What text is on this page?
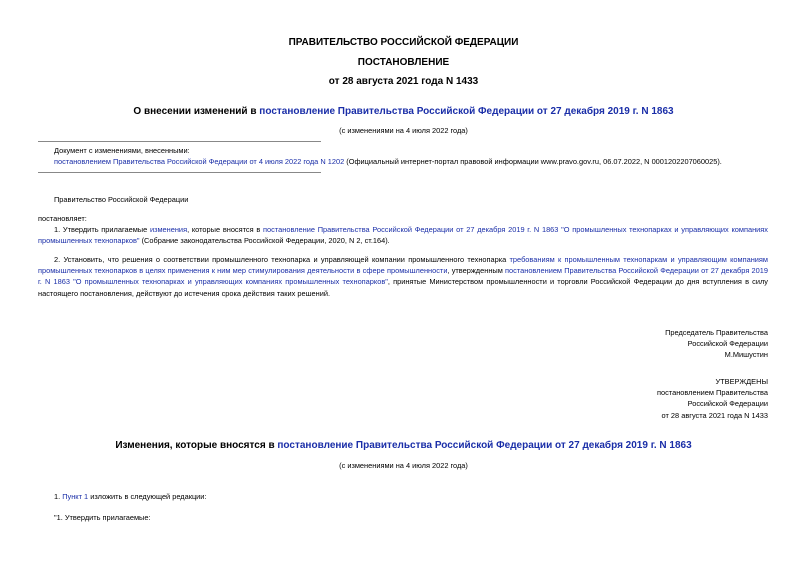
ПРАВИТЕЛЬСТВО РОССИЙСКОЙ ФЕДЕРАЦИИ
ПОСТАНОВЛЕНИЕ
от 28 августа 2021 года N 1433
О внесении изменений в постановление Правительства Российской Федерации от 27 декабря 2019 г. N 1863
(с изменениями на 4 июля 2022 года)
Документ с изменениями, внесенными:
постановлением Правительства Российской Федерации от 4 июля 2022 года N 1202 (Официальный интернет-портал правовой информации www.pravo.gov.ru, 06.07.2022, N 0001202207060025).
Правительство Российской Федерации
постановляет:
1. Утвердить прилагаемые изменения, которые вносятся в постановление Правительства Российской Федерации от 27 декабря 2019 г. N 1863 "О промышленных технопарках и управляющих компаниях промышленных технопарков" (Собрание законодательства Российской Федерации, 2020, N 2, ст.164).
2. Установить, что решения о соответствии промышленного технопарка и управляющей компании промышленного технопарка требованиям к промышленным технопаркам и управляющим компаниям промышленных технопарков в целях применения к ним мер стимулирования деятельности в сфере промышленности, утвержденным постановлением Правительства Российской Федерации от 27 декабря 2019 г. N 1863 "О промышленных технопарках и управляющих компаниях промышленных технопарков", принятые Министерством промышленности и торговли Российской Федерации до дня вступления в силу настоящего постановления, действуют до истечения срока действия таких решений.
Председатель Правительства
Российской Федерации
М.Мишустин
УТВЕРЖДЕНЫ
постановлением Правительства
Российской Федерации
от 28 августа 2021 года N 1433
Изменения, которые вносятся в постановление Правительства Российской Федерации от 27 декабря 2019 г. N 1863
(с изменениями на 4 июля 2022 года)
1. Пункт 1 изложить в следующей редакции:
"1. Утвердить прилагаемые:
